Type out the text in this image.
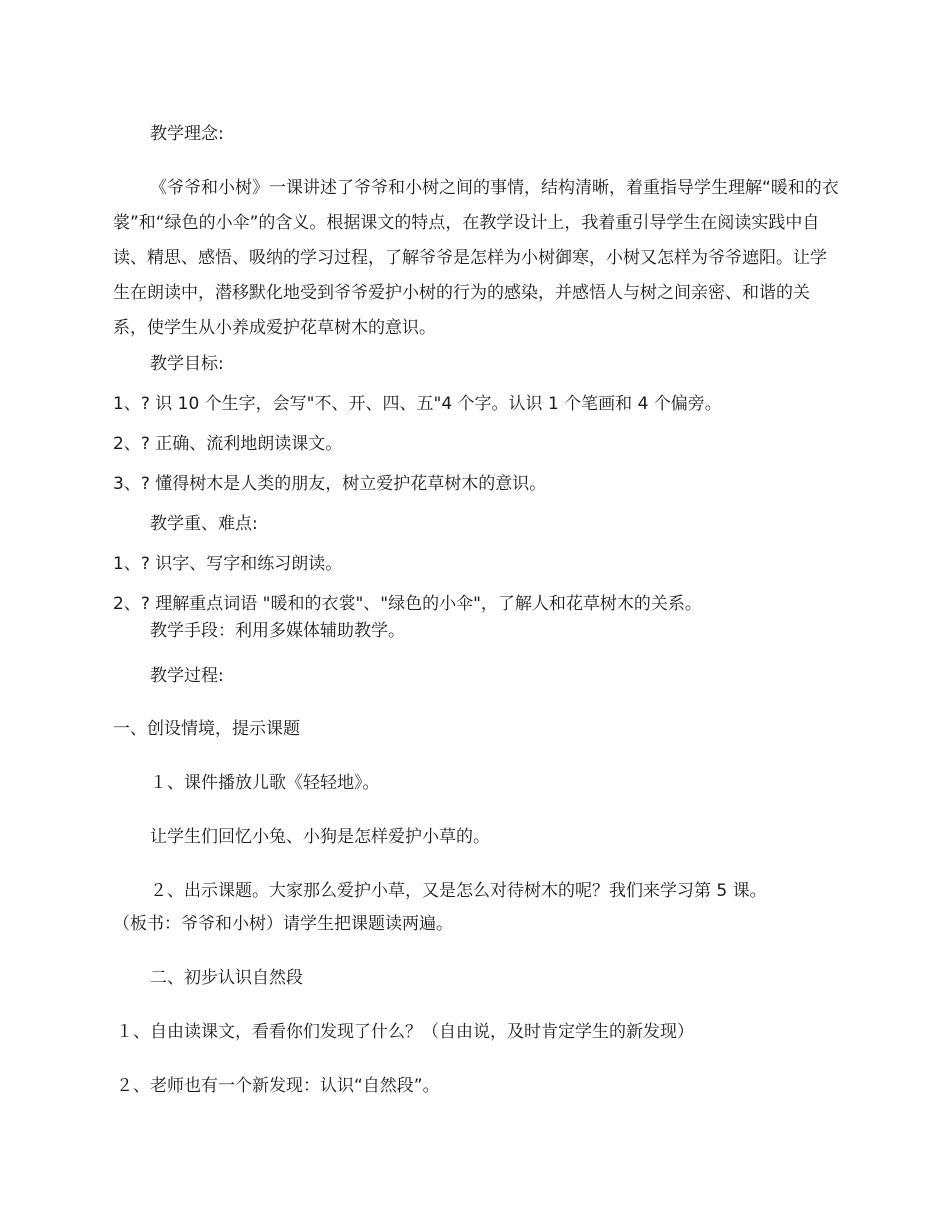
教学理念:
《爷爷和小树》一课讲述了爷爷和小树之间的事情，结构清晰，着重指导学生理解“暖和的衣裳”和“绿色的小伞”的含义。根据课文的特点，在教学设计上，我着重引导学生在阅读实践中自读、精思、感悟、吸纳的学习过程，了解爷爷是怎样为小树御寒，小树又怎样为爷爷遮阳。让学生在朗读中，潜移默化地受到爷爷爱护小树的行为的感染，并感悟人与树之间亲密、和谐的关系，使学生从小养成爱护花草树木的意识。
教学目标:
1、? 识 10 个生字，会写"不、开、四、五"4 个字。认识 1 个笔画和 4 个偏旁。
2、? 正确、流利地朗读课文。
3、? 懂得树木是人类的朋友，树立爱护花草树木的意识。
教学重、难点:
1、? 识字、写字和练习朗读。
2、? 理解重点词语 "暖和的衣裳"、"绿色的小伞"，了解人和花草树木的关系。
教学手段：利用多媒体辅助教学。
教学过程:
一、创设情境，提示课题
１、课件播放儿歌《轻轻地》。
让学生们回忆小兔、小狗是怎样爱护小草的。
２、出示课题。大家那么爱护小草，又是怎么对待树木的呢？我们来学习第 5 课。
（板书：爷爷和小树）请学生把课题读两遍。
二、初步认识自然段
１、自由读课文，看看你们发现了什么？（自由说，及时肯定学生的新发现）
２、老师也有一个新发现：认识“自然段”。
